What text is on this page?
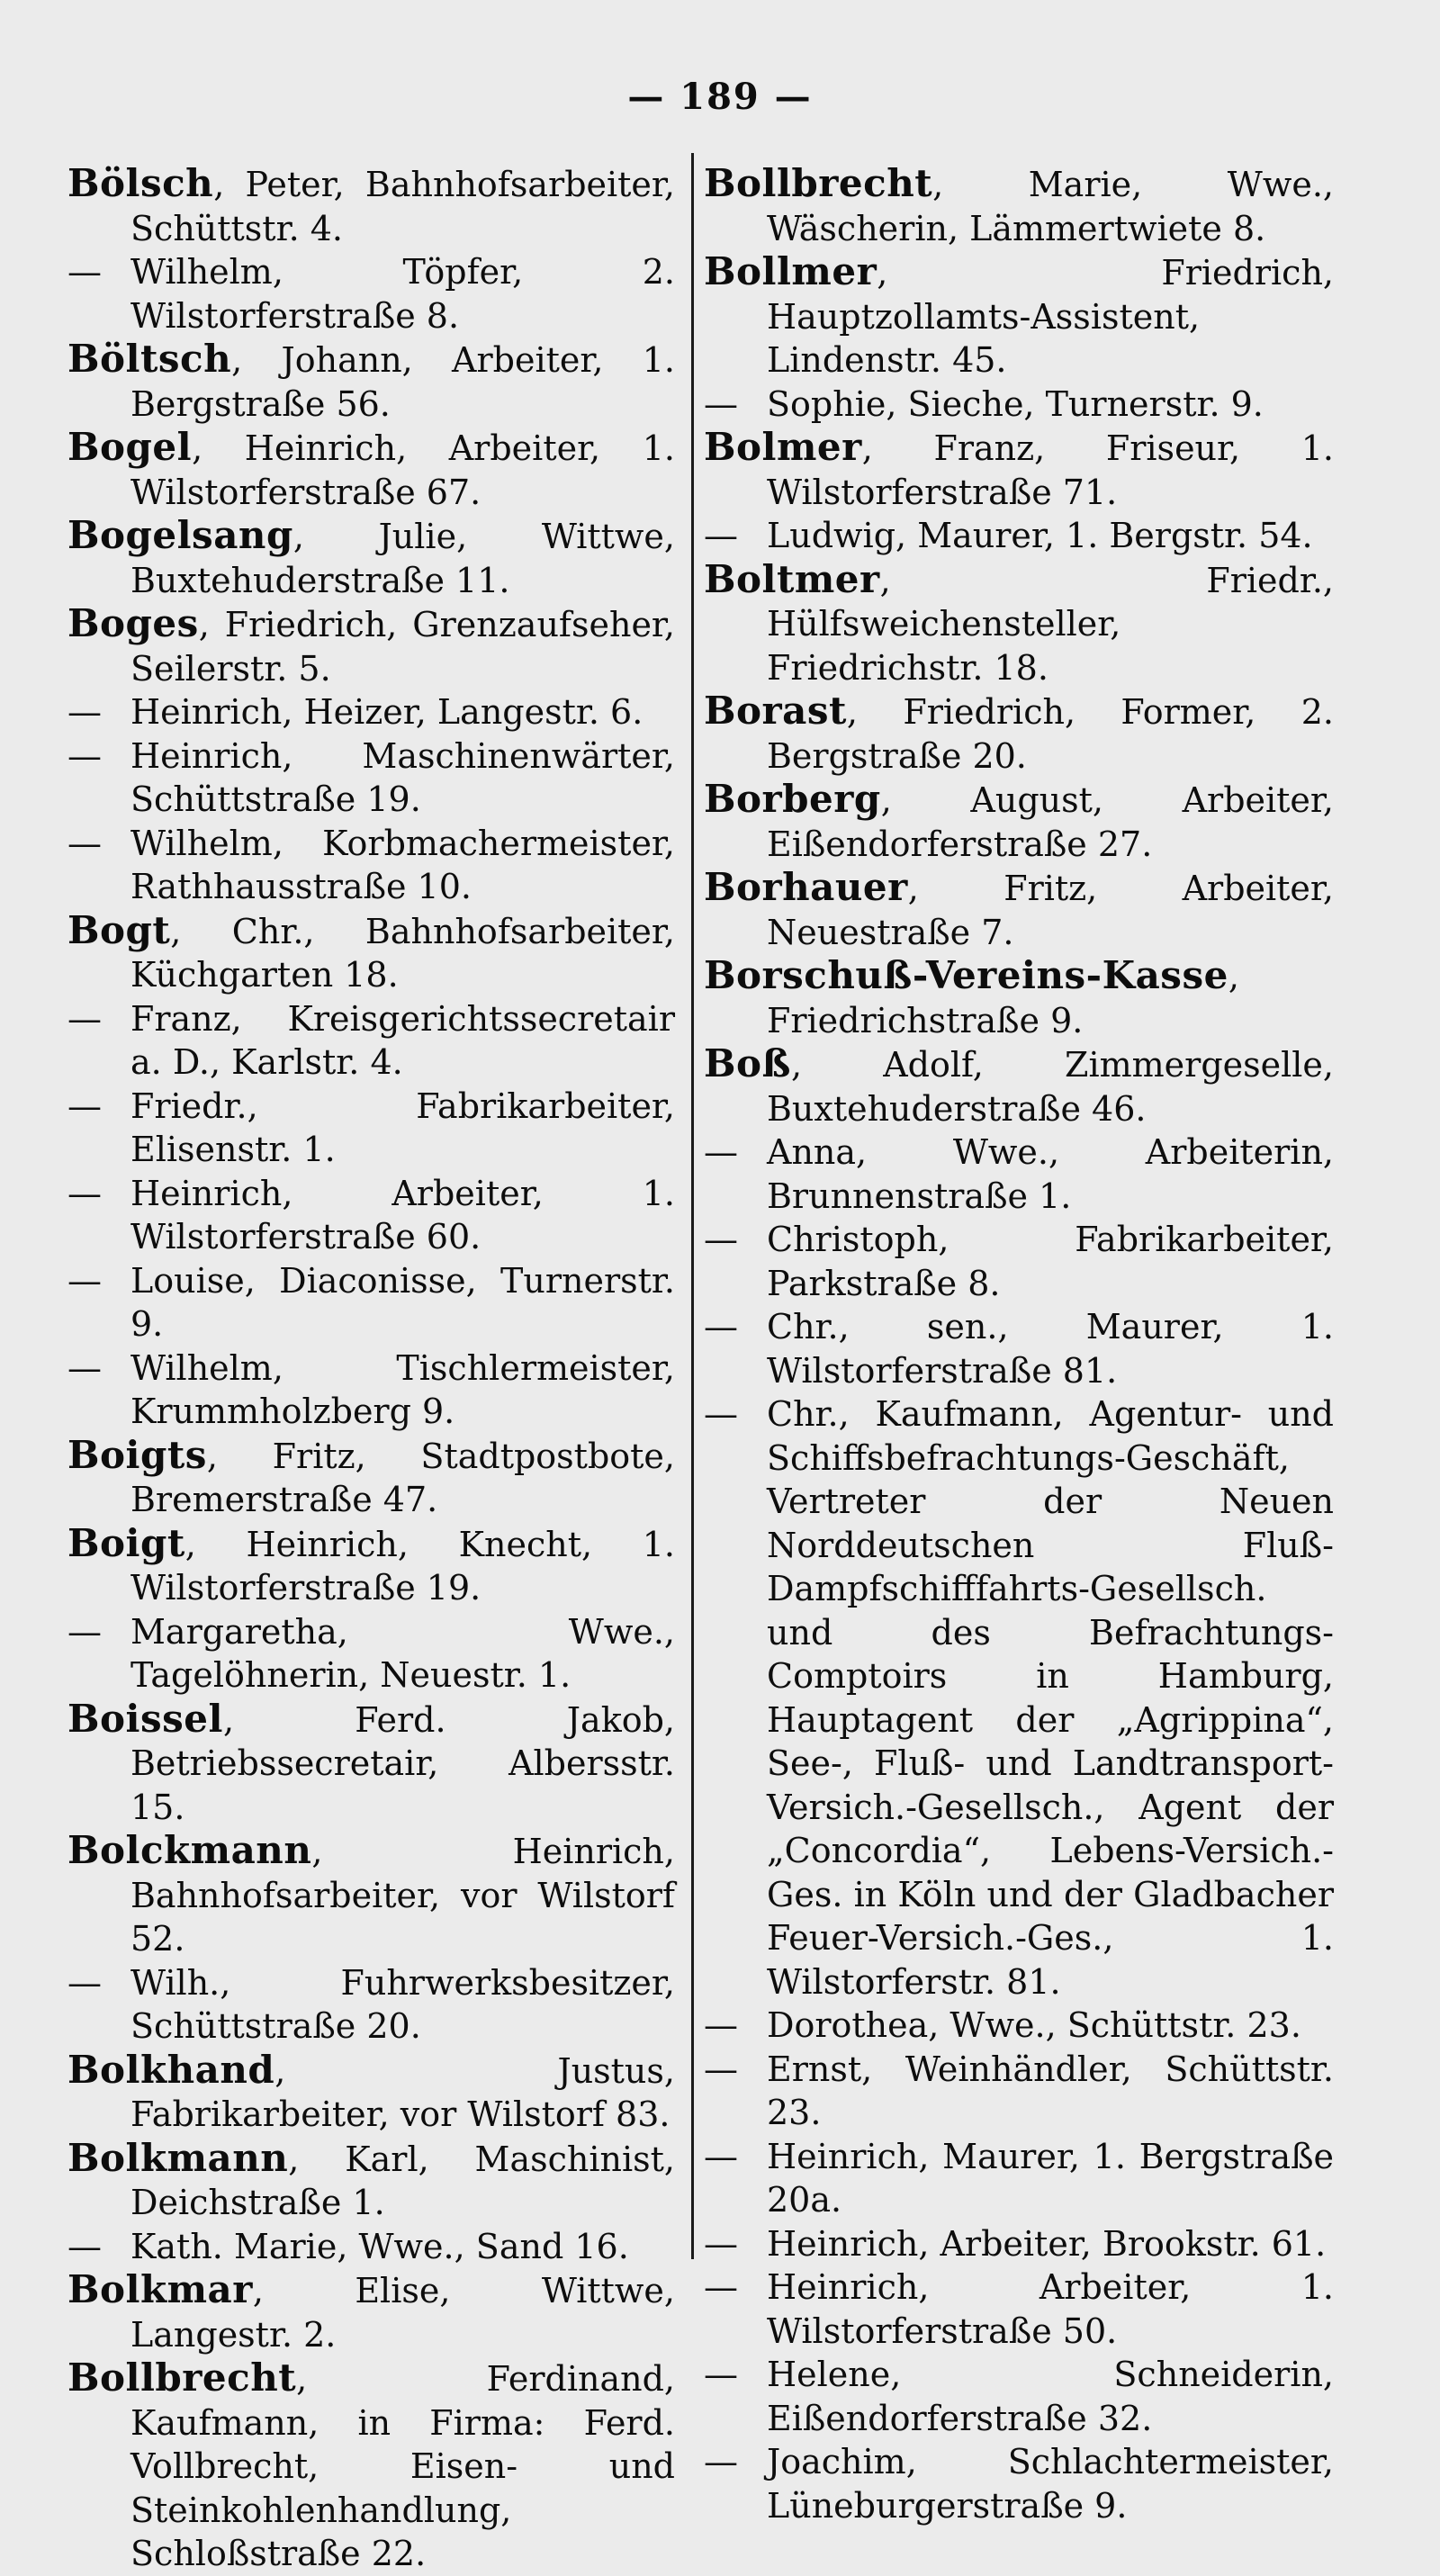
— 189 —
Bölsch, Peter, Bahnhofsarbeiter, Schüttstr. 4.
— Wilhelm, Töpfer, 2. Wilstorferstraße 8.
Böltsch, Johann, Arbeiter, 1. Bergstraße 56.
Bogel, Heinrich, Arbeiter, 1. Wilstorferstraße 67.
Bogelsang, Julie, Wittwe, Buxtehuderstraße 11.
Boges, Friedrich, Grenzaufseher, Seilerstr. 5.
— Heinrich, Heizer, Langestr. 6.
— Heinrich, Maschinenwärter, Schüttstraße 19.
— Wilhelm, Korbmachermeister, Rathhausstraße 10.
Bogt, Chr., Bahnhofsarbeiter, Küchgarten 18.
— Franz, Kreisgerichtssecretair a. D., Karlstr. 4.
— Friedr., Fabrikarbeiter, Elisenstr. 1.
— Heinrich, Arbeiter, 1. Wilstorferstraße 60.
— Louise, Diaconisse, Turnerstr. 9.
— Wilhelm, Tischlermeister, Krummholzberg 9.
Boigts, Fritz, Stadtpostbote, Bremerstraße 47.
Boigt, Heinrich, Knecht, 1. Wilstorferstraße 19.
— Margaretha, Wwe., Tagelöhnerin, Neuestr. 1.
Boissel, Ferd. Jakob, Betriebssecretair, Albersstr. 15.
Bolckmann, Heinrich, Bahnhofsarbeiter, vor Wilstorf 52.
— Wilh., Fuhrwerksbesitzer, Schüttstraße 20.
Bolkhand, Justus, Fabrikarbeiter, vor Wilstorf 83.
Bolkmann, Karl, Maschinist, Deichstraße 1.
— Kath. Marie, Wwe., Sand 16.
Bolkmar, Elise, Wittwe, Langestr. 2.
Bollbrecht, Ferdinand, Kaufmann, in Firma: Ferd. Vollbrecht, Eisen- und Steinkohlenhandlung, Schloßstraße 22.
Bollbrecht, Marie, Wwe., Wäscherin, Lämmertwiete 8.
Bollmer, Friedrich, Hauptzollamts-Assistent, Lindenstr. 45.
— Sophie, Sieche, Turnerstr. 9.
Bolmer, Franz, Friseur, 1. Wilstorferstraße 71.
— Ludwig, Maurer, 1. Bergstr. 54.
Boltmer, Friedr., Hülfsweichensteller, Friedrichstr. 18.
Borast, Friedrich, Former, 2. Bergstraße 20.
Borberg, August, Arbeiter, Eißendorferstraße 27.
Borhauer, Fritz, Arbeiter, Neuestraße 7.
Borschuß-Vereins-Kasse, Friedrichstraße 9.
Boß, Adolf, Zimmergeselle, Buxtehuderstraße 46.
— Anna, Wwe., Arbeiterin, Brunnenstraße 1.
— Christoph, Fabrikarbeiter, Parkstraße 8.
— Chr., sen., Maurer, 1. Wilstorferstraße 81.
— Chr., Kaufmann, Agentur- und Schiffsbefrachtungs-Geschäft, Vertreter der Neuen Norddeutschen Fluß-Dampfschifffahrts-Gesellsch. und des Befrachtungs-Comptoirs in Hamburg, Hauptagent der „Agrippina“, See-, Fluß- und Landtransport-Versich.-Gesellsch., Agent der „Concordia“, Lebens-Versich.-Ges. in Köln und der Gladbacher Feuer-Versich.-Ges., 1. Wilstorferstr. 81.
— Dorothea, Wwe., Schüttstr. 23.
— Ernst, Weinhändler, Schüttstr. 23.
— Heinrich, Maurer, 1. Bergstraße 20a.
— Heinrich, Arbeiter, Brookstr. 61.
— Heinrich, Arbeiter, 1. Wilstorferstraße 50.
— Helene, Schneiderin, Eißendorferstraße 32.
— Joachim, Schlachtermeister, Lüneburgerstraße 9.
